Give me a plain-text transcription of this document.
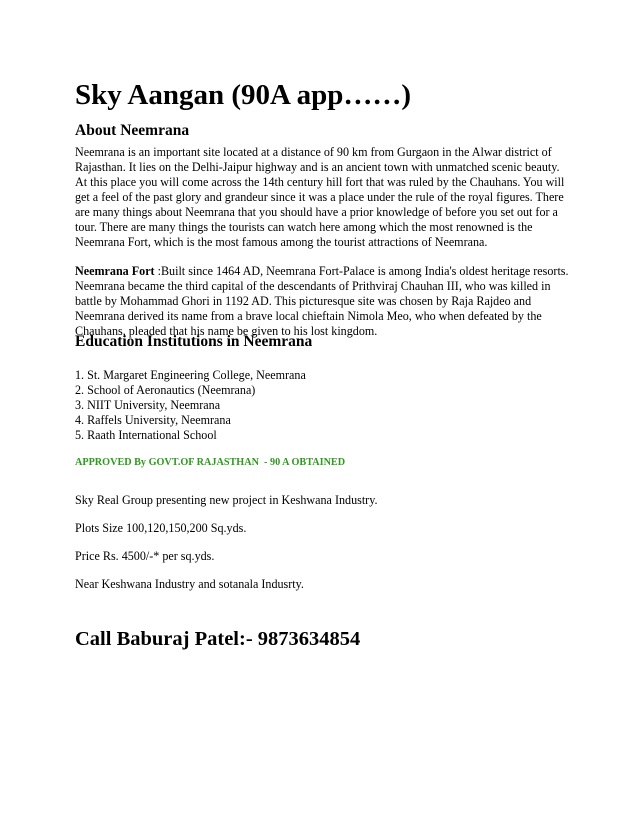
Sky Aangan (90A app……)
About Neemrana
Neemrana is an important site located at a distance of 90 km from Gurgaon in the Alwar district of Rajasthan. It lies on the Delhi-Jaipur highway and is an ancient town with unmatched scenic beauty. At this place you will come across the 14th century hill fort that was ruled by the Chauhans. You will get a feel of the past glory and grandeur since it was a place under the rule of the royal figures. There are many things about Neemrana that you should have a prior knowledge of before you set out for a tour. There are many things the tourists can watch here among which the most renowned is the Neemrana Fort, which is the most famous among the tourist attractions of Neemrana.
Neemrana Fort :Built since 1464 AD, Neemrana Fort-Palace is among India's oldest heritage resorts. Neemrana became the third capital of the descendants of Prithviraj Chauhan III, who was killed in battle by Mohammad Ghori in 1192 AD. This picturesque site was chosen by Raja Rajdeo and Neemrana derived its name from a brave local chieftain Nimola Meo, who when defeated by the Chauhans, pleaded that his name be given to his lost kingdom.
Education Institutions in Neemrana
1. St. Margaret Engineering College, Neemrana
2. School of Aeronautics (Neemrana)
3. NIIT University, Neemrana
4. Raffels University, Neemrana
5. Raath International School
APPROVED By GOVT.OF RAJASTHAN  - 90 A OBTAINED
Sky Real Group presenting new project in Keshwana Industry.
Plots Size 100,120,150,200 Sq.yds.
Price Rs. 4500/-* per sq.yds.
Near Keshwana Industry and sotanala Indusrty.
Call Baburaj Patel:- 9873634854
